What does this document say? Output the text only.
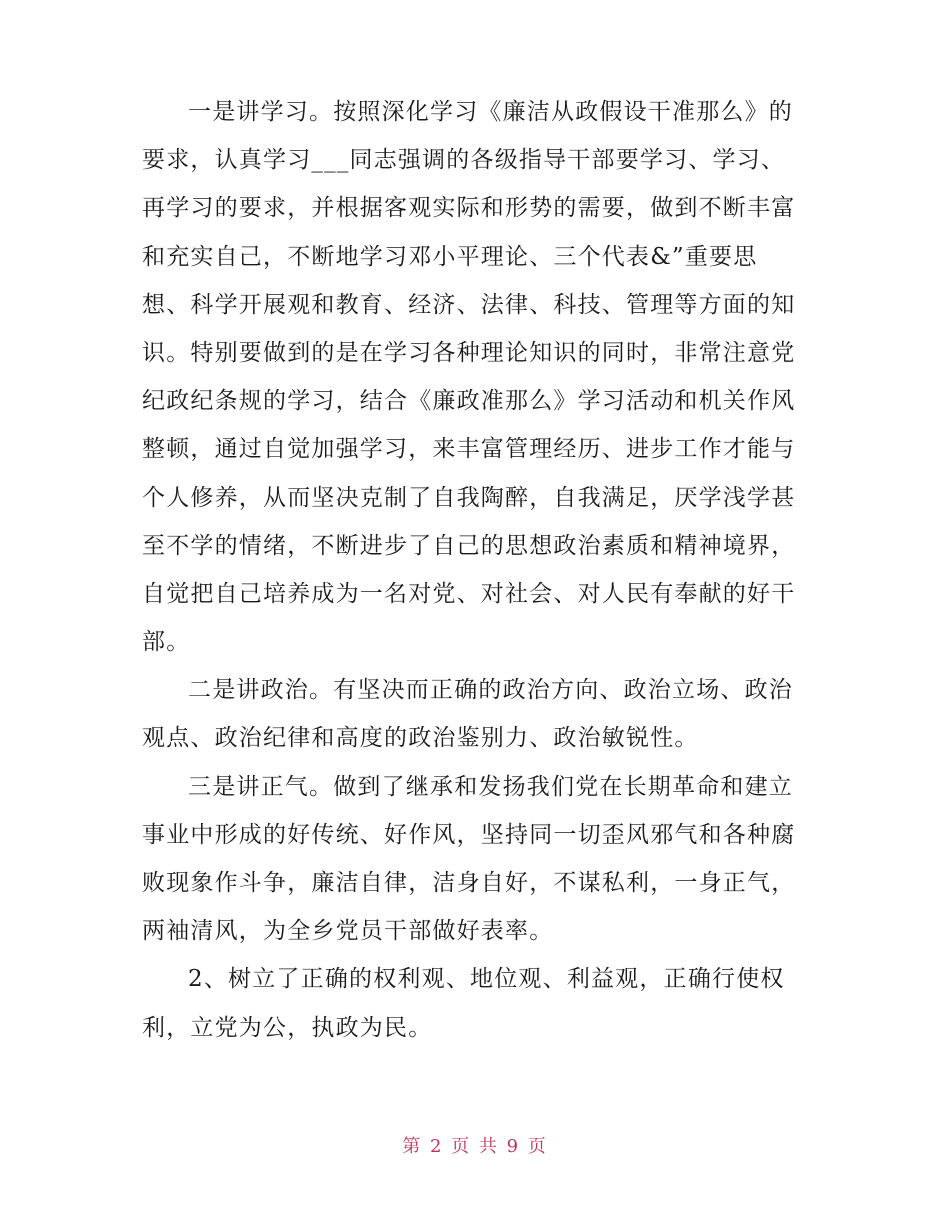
一是讲学习。按照深化学习《廉洁从政假设干准那么》的
要求，认真学习___同志强调的各级指导干部要学习、学习、
再学习的要求，并根据客观实际和形势的需要，做到不断丰富
和充实自己，不断地学习邓小平理论、三个代表&”重要思
想、科学开展观和教育、经济、法律、科技、管理等方面的知
识。特别要做到的是在学习各种理论知识的同时，非常注意党
纪政纪条规的学习，结合《廉政准那么》学习活动和机关作风
整顿，通过自觉加强学习，来丰富管理经历、进步工作才能与
个人修养，从而坚决克制了自我陶醉，自我满足，厌学浅学甚
至不学的情绪，不断进步了自己的思想政治素质和精神境界，
自觉把自己培养成为一名对党、对社会、对人民有奉献的好干
部。
二是讲政治。有坚决而正确的政治方向、政治立场、政治
观点、政治纪律和高度的政治鉴别力、政治敏锐性。
三是讲正气。做到了继承和发扬我们党在长期革命和建立
事业中形成的好传统、好作风，坚持同一切歪风邪气和各种腐
败现象作斗争，廉洁自律，洁身自好，不谋私利，一身正气，
两袖清风，为全乡党员干部做好表率。
2、树立了正确的权利观、地位观、利益观，正确行使权
利，立党为公，执政为民。
第 2 页 共 9 页
